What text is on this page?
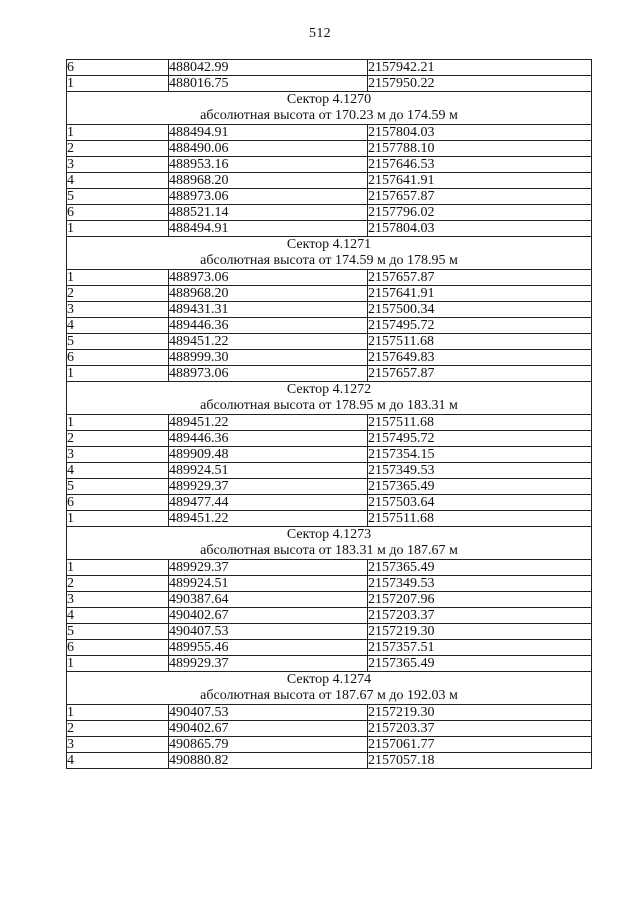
512
6	488042.99	2157942.21
1	488016.75	2157950.22

Сектор 4.1270
абсолютная высота от 170.23 м до 174.59 м		

1	488494.91	2157804.03
2	488490.06	2157788.10
3	488953.16	2157646.53
4	488968.20	2157641.91
5	488973.06	2157657.87
6	488521.14	2157796.02
1	488494.91	2157804.03

Сектор 4.1271
абсолютная высота от 174.59 м до 178.95 м		

1	488973.06	2157657.87
2	488968.20	2157641.91
3	489431.31	2157500.34
4	489446.36	2157495.72
5	489451.22	2157511.68
6	488999.30	2157649.83
1	488973.06	2157657.87

Сектор 4.1272
абсолютная высота от 178.95 м до 183.31 м		

1	489451.22	2157511.68
2	489446.36	2157495.72
3	489909.48	2157354.15
4	489924.51	2157349.53
5	489929.37	2157365.49
6	489477.44	2157503.64
1	489451.22	2157511.68

Сектор 4.1273
абсолютная высота от 183.31 м до 187.67 м		

1	489929.37	2157365.49
2	489924.51	2157349.53
3	490387.64	2157207.96
4	490402.67	2157203.37
5	490407.53	2157219.30
6	489955.46	2157357.51
1	489929.37	2157365.49

Сектор 4.1274
абсолютная высота от 187.67 м до 192.03 м		

1	490407.53	2157219.30
2	490402.67	2157203.37
3	490865.79	2157061.77
4	490880.82	2157057.18
